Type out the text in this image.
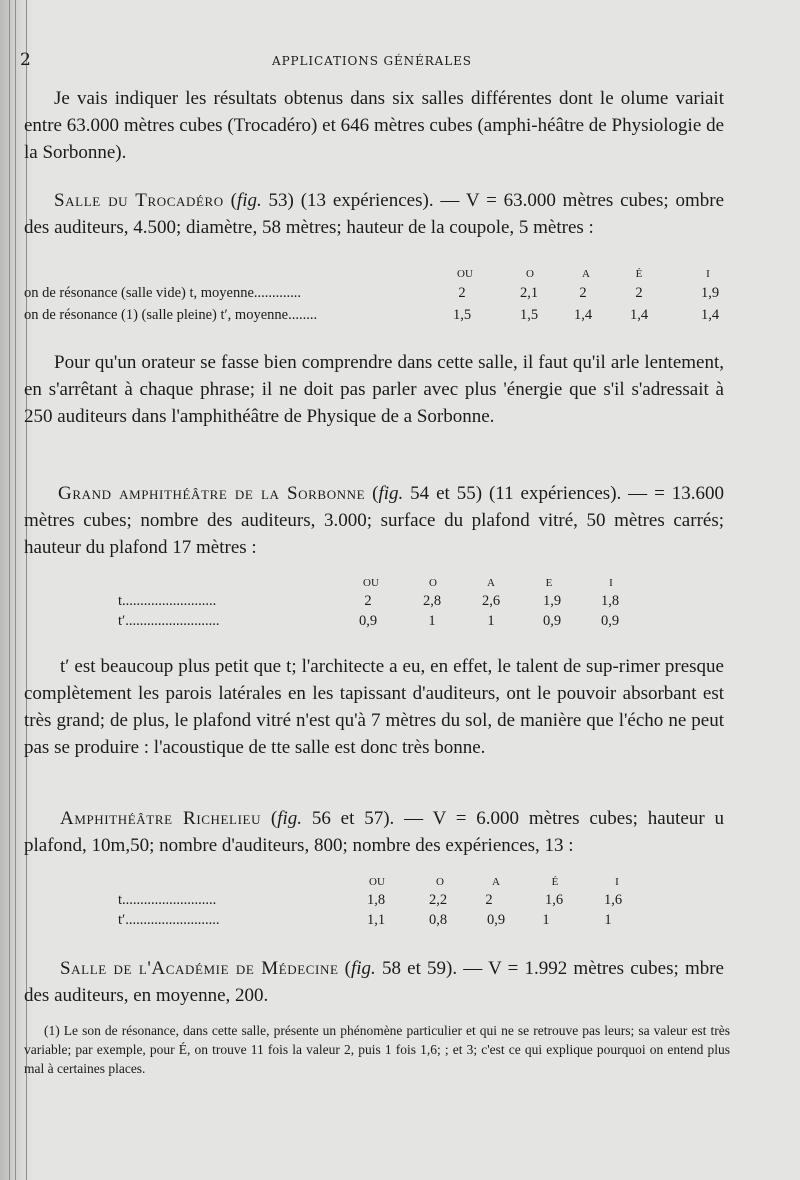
2	APPLICATIONS GÉNÉRALES

Je vais indiquer les résultats obtenus dans six salles différentes dont le olume variait entre 63.000 mètres cubes (Trocadéro) et 646 mètres cubes (amphi-héâtre de Physiologie de la Sorbonne).

Salle du Trocadéro (fig. 53) (13 expériences). — V = 63.000 mètres cubes; ombre des auditeurs, 4.500; diamètre, 58 mètres; hauteur de la coupole, 5 mètres :

OU	O	A	É	I
on de résonance (salle vide) t, moyenne.............	2	2,1	2	2	1,9
on de résonance (1) (salle pleine) t′, moyenne........	1,5	1,5	1,4	1,4	1,4

Pour qu'un orateur se fasse bien comprendre dans cette salle, il faut qu'il arle lentement, en s'arrêtant à chaque phrase; il ne doit pas parler avec plus 'énergie que s'il s'adressait à 250 auditeurs dans l'amphithéâtre de Physique de a Sorbonne.

Grand amphithéâtre de la Sorbonne (fig. 54 et 55) (11 expériences). — = 13.600 mètres cubes; nombre des auditeurs, 3.000; surface du plafond vitré, 50 mètres carrés; hauteur du plafond 17 mètres :

OU	O	A	E	I
t..........................	2	2,8	2,6	1,9	1,8
t′..........................	0,9	1	1	0,9	0,9

t′ est beaucoup plus petit que t; l'architecte a eu, en effet, le talent de sup-rimer presque complètement les parois latérales en les tapissant d'auditeurs, ont le pouvoir absorbant est très grand; de plus, le plafond vitré n'est qu'à 7 mètres du sol, de manière que l'écho ne peut pas se produire : l'acoustique de tte salle est donc très bonne.

Amphithéâtre Richelieu (fig. 56 et 57). — V = 6.000 mètres cubes; hauteur u plafond, 10m,50; nombre d'auditeurs, 800; nombre des expériences, 13 :

OU	O	A	É	I
t..........................	1,8	2,2	2	1,6	1,6
t′..........................	1,1	0,8	0,9	1	1

Salle de l'Académie de Médecine (fig. 58 et 59). — V = 1.992 mètres cubes; mbre des auditeurs, en moyenne, 200.

(1) Le son de résonance, dans cette salle, présente un phénomène particulier et qui ne se retrouve pas leurs; sa valeur est très variable; par exemple, pour É, on trouve 11 fois la valeur 2, puis 1 fois 1,6; ; et 3; c'est ce qui explique pourquoi on entend plus mal à certaines places.
